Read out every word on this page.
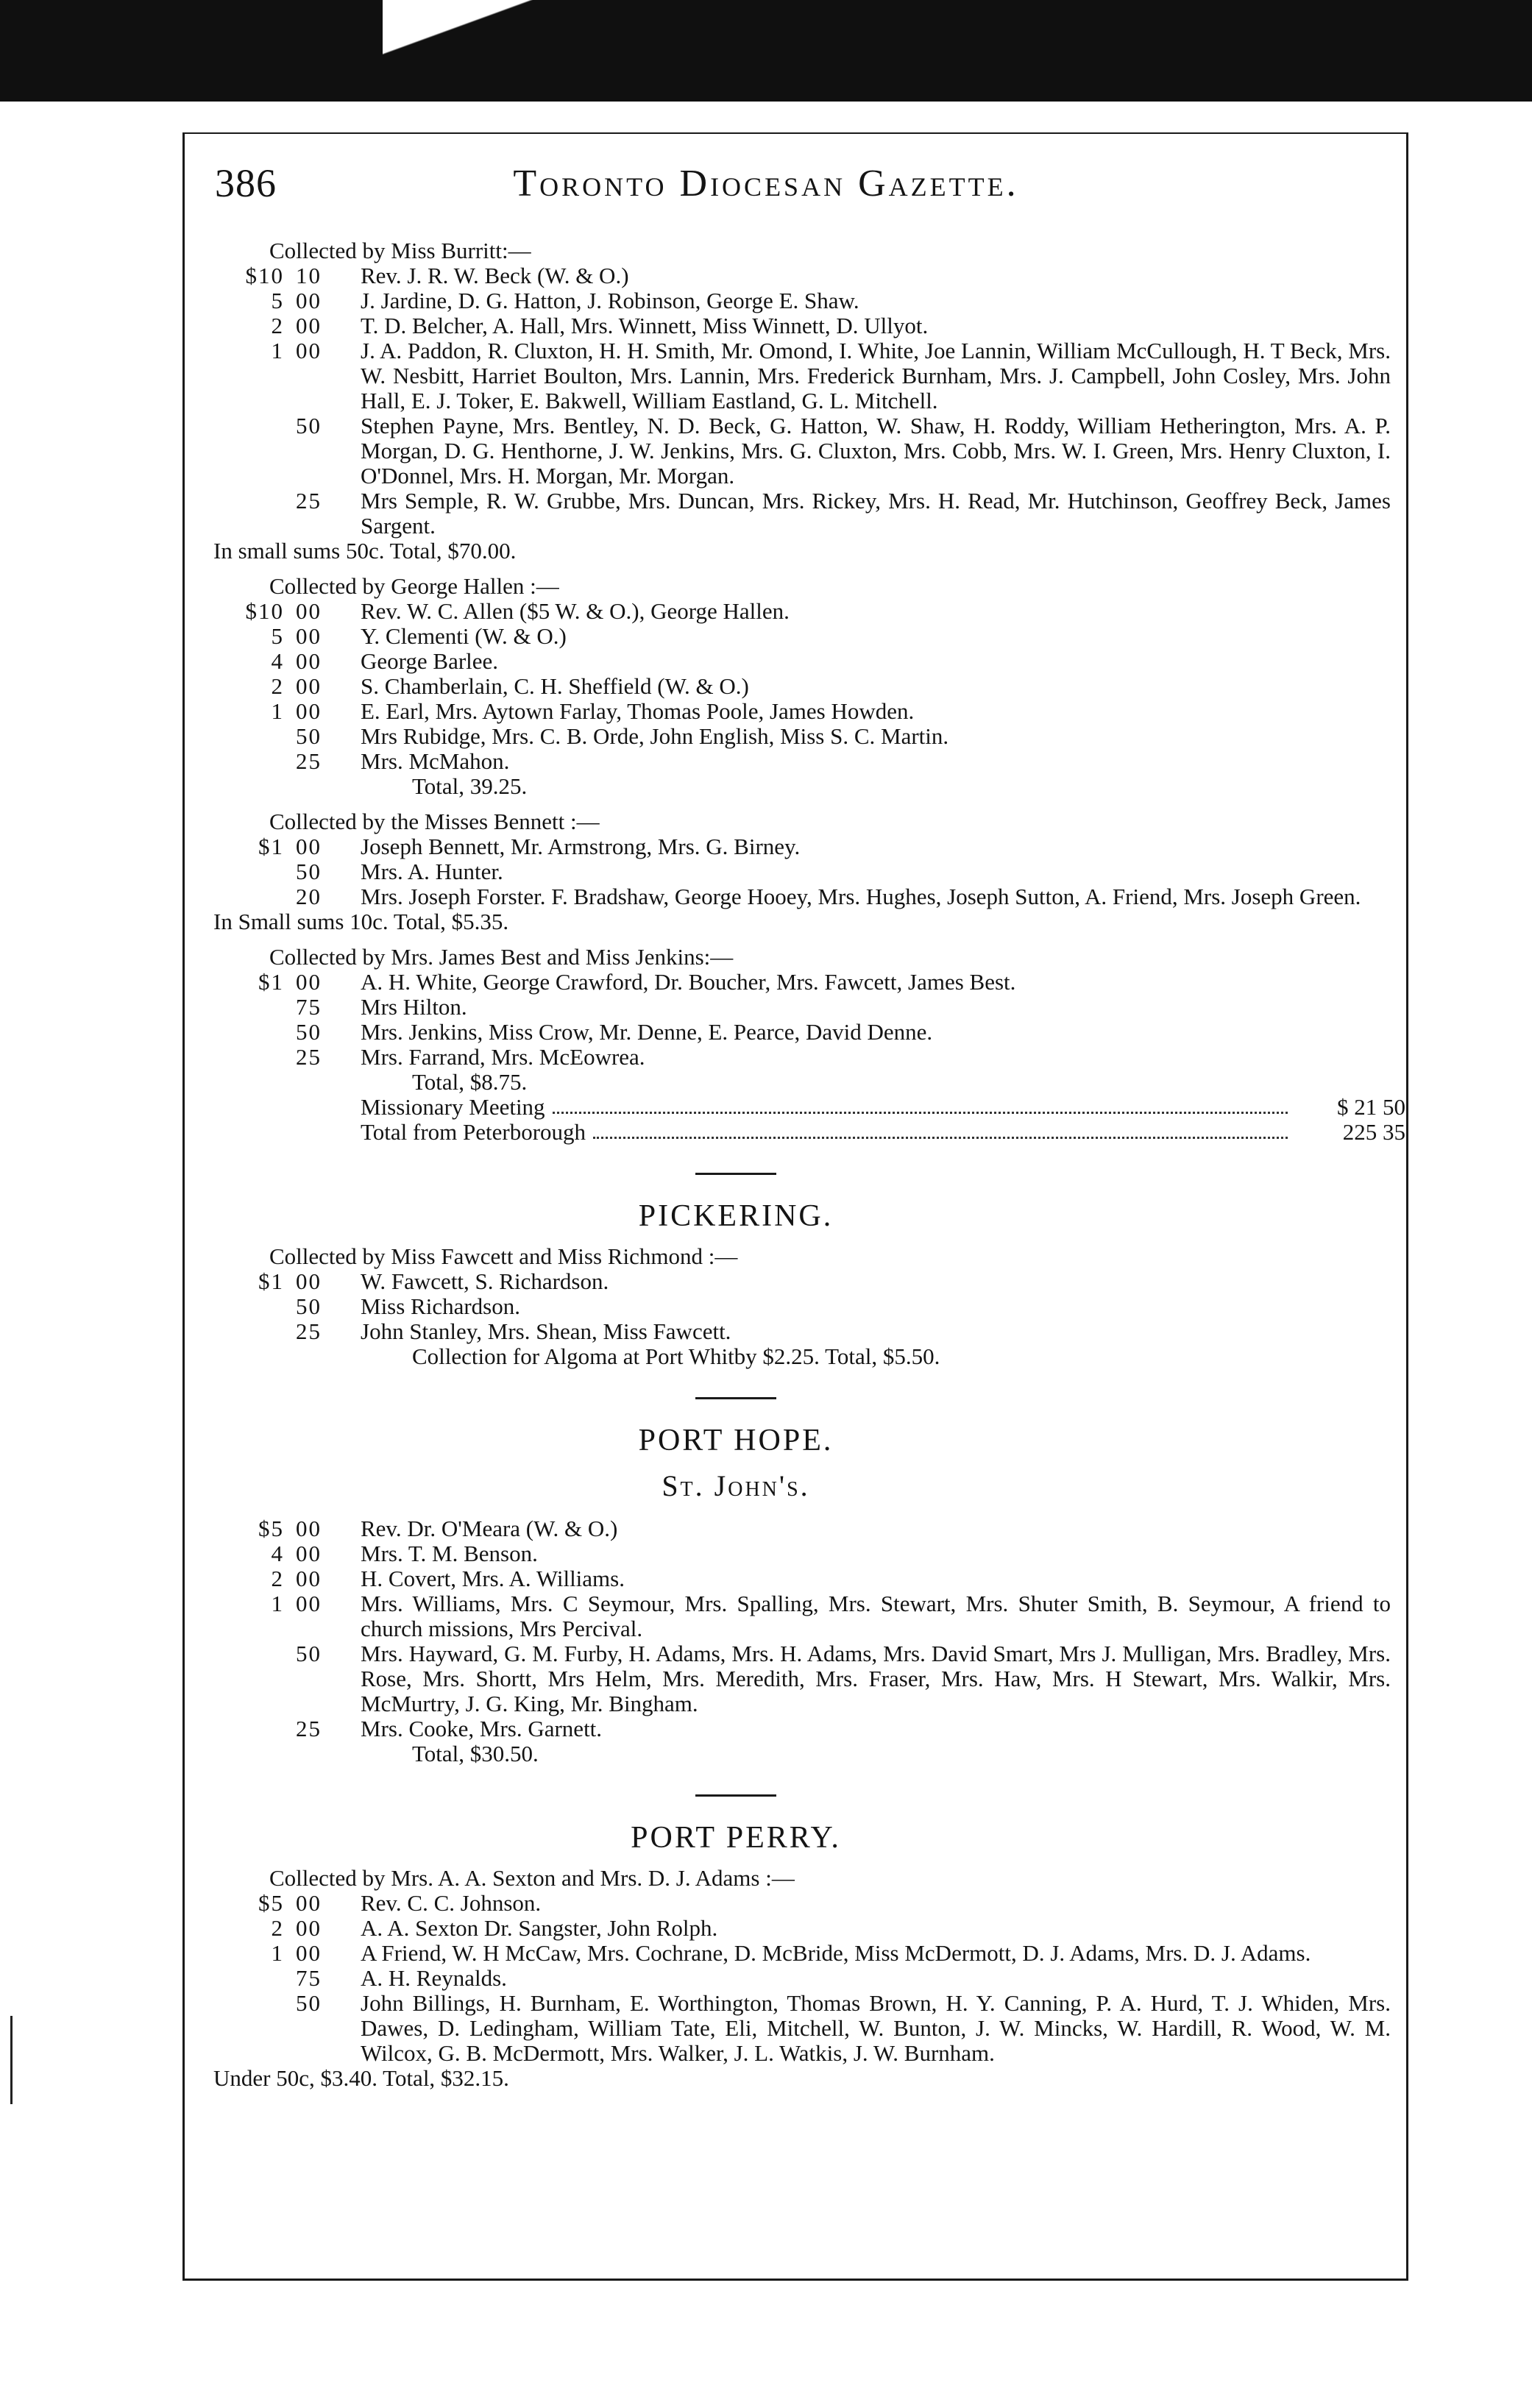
386	Toronto Diocesan Gazette.
Collected by Miss Burritt:—
$10 10	Rev. J. R. W. Beck (W. & O.)
5 00	J. Jardine, D. G. Hatton, J. Robinson, George E. Shaw.
2 00	T. D. Belcher, A. Hall, Mrs. Winnett, Miss Winnett, D. Ullyot.
1 00	J. A. Paddon, R. Cluxton, H. H. Smith, Mr. Omond, I. White, Joe Lannin, William McCullough, H. T Beck, Mrs. W. Nesbitt, Harriet Boulton, Mrs. Lannin, Mrs. Frederick Burnham, Mrs. J. Campbell, John Cosley, Mrs. John Hall, E. J. Toker, E. Bakwell, William Eastland, G. L. Mitchell.
50	Stephen Payne, Mrs. Bentley, N. D. Beck, G. Hatton, W. Shaw, H. Roddy, William Hetherington, Mrs. A. P. Morgan, D. G. Henthorne, J. W. Jenkins, Mrs. G. Cluxton, Mrs. Cobb, Mrs. W. I. Green, Mrs. Henry Cluxton, I. O'Donnel, Mrs. H. Morgan, Mr. Morgan.
25	Mrs Semple, R. W. Grubbe, Mrs. Duncan, Mrs. Rickey, Mrs. H. Read, Mr. Hutchinson, Geoffrey Beck, James Sargent.
In small sums 50c. Total, $70.00.
Collected by George Hallen :—
$10 00	Rev. W. C. Allen ($5 W. & O.), George Hallen.
5 00	Y. Clementi (W. & O.)
4 00	George Barlee.
2 00	S. Chamberlain, C. H. Sheffield (W. & O.)
1 00	E. Earl, Mrs. Aytown Farlay, Thomas Poole, James Howden.
50	Mrs Rubidge, Mrs. C. B. Orde, John English, Miss S. C. Martin.
25	Mrs. McMahon.
Total, 39.25.
Collected by the Misses Bennett :—
$1 00	Joseph Bennett, Mr. Armstrong, Mrs. G. Birney.
50	Mrs. A. Hunter.
20	Mrs. Joseph Forster. F. Bradshaw, George Hooey, Mrs. Hughes, Joseph Sutton, A. Friend, Mrs. Joseph Green.
In Small sums 10c. Total, $5.35.
Collected by Mrs. James Best and Miss Jenkins:—
$1 00	A. H. White, George Crawford, Dr. Boucher, Mrs. Fawcett, James Best.
75	Mrs Hilton.
50	Mrs. Jenkins, Miss Crow, Mr. Denne, E. Pearce, David Denne.
25	Mrs. Farrand, Mrs. McEowrea.
Total, $8.75.
Missionary Meeting	$ 21 50
Total from Peterborough	225 35
PICKERING.
Collected by Miss Fawcett and Miss Richmond :—
$1 00	W. Fawcett, S. Richardson.
50	Miss Richardson.
25	John Stanley, Mrs. Shean, Miss Fawcett.
Collection for Algoma at Port Whitby $2.25. Total, $5.50.
PORT HOPE.
St. John's.
$5 00	Rev. Dr. O'Meara (W. & O.)
4 00	Mrs. T. M. Benson.
2 00	H. Covert, Mrs. A. Williams.
1 00	Mrs. Williams, Mrs. C Seymour, Mrs. Spalling, Mrs. Stewart, Mrs. Shuter Smith, B. Seymour, A friend to church missions, Mrs Percival.
50	Mrs. Hayward, G. M. Furby, H. Adams, Mrs. H. Adams, Mrs. David Smart, Mrs J. Mulligan, Mrs. Bradley, Mrs. Rose, Mrs. Shortt, Mrs Helm, Mrs. Meredith, Mrs. Fraser, Mrs. Haw, Mrs. H Stewart, Mrs. Walkir, Mrs. McMurtry, J. G. King, Mr. Bingham.
25	Mrs. Cooke, Mrs. Garnett.
Total, $30.50.
PORT PERRY.
Collected by Mrs. A. A. Sexton and Mrs. D. J. Adams :—
$5 00	Rev. C. C. Johnson.
2 00	A. A. Sexton Dr. Sangster, John Rolph.
1 00	A Friend, W. H McCaw, Mrs. Cochrane, D. McBride, Miss McDermott, D. J. Adams, Mrs. D. J. Adams.
75	A. H. Reynalds.
50	John Billings, H. Burnham, E. Worthington, Thomas Brown, H. Y. Canning, P. A. Hurd, T. J. Whiden, Mrs. Dawes, D. Ledingham, William Tate, Eli, Mitchell, W. Bunton, J. W. Mincks, W. Hardill, R. Wood, W. M. Wilcox, G. B. McDermott, Mrs. Walker, J. L. Watkis, J. W. Burnham.
Under 50c, $3.40. Total, $32.15.
